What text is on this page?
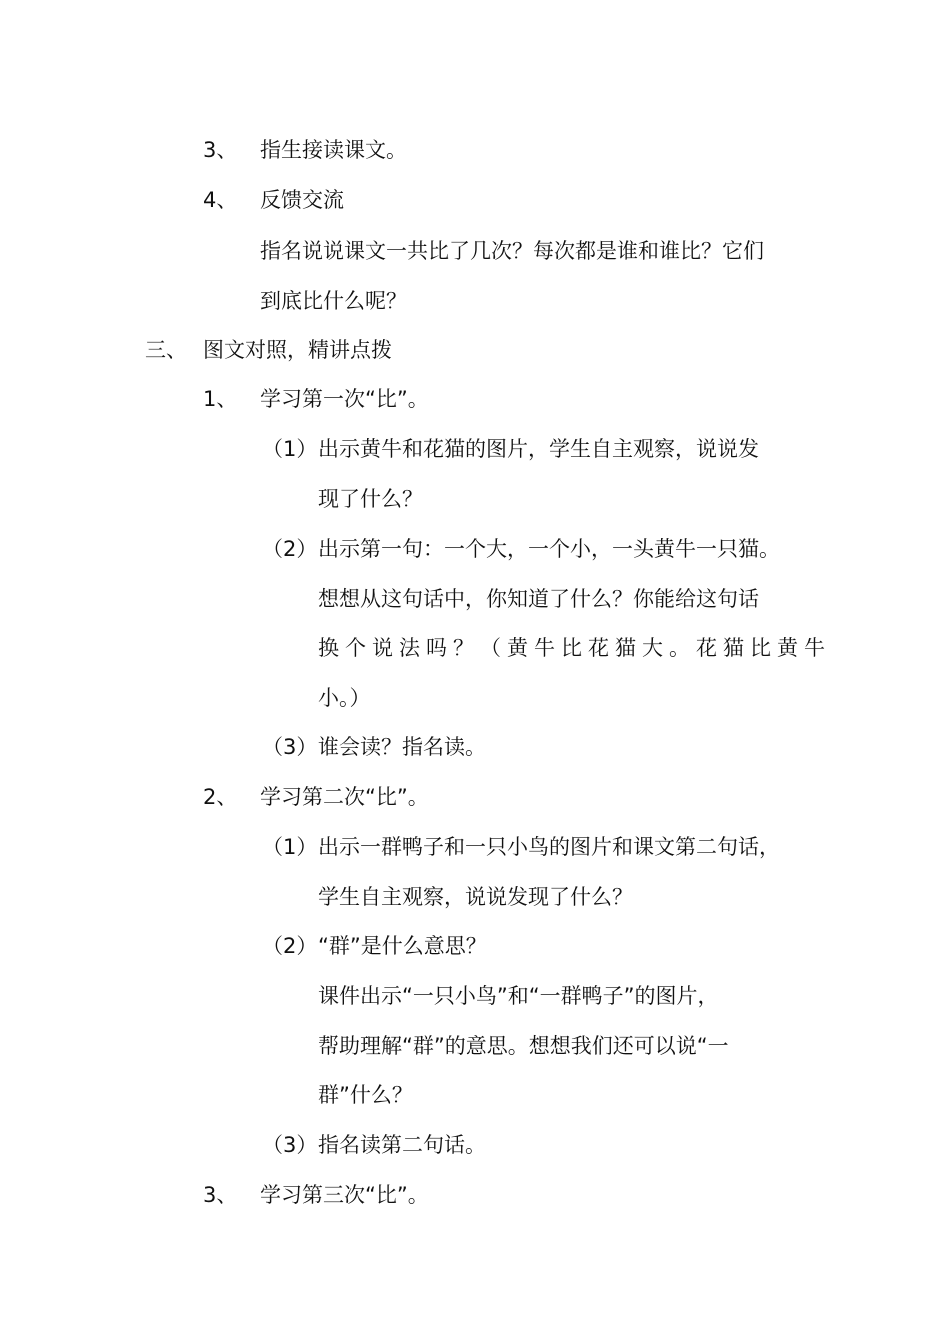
3、 指生接读课文。
4、 反馈交流
指名说说课文一共比了几次？每次都是谁和谁比？它们
到底比什么呢？
三、 图文对照，精讲点拨
1、 学习第一次“比”。
（1） 出示黄牛和花猫的图片，学生自主观察，说说发
现了什么？
（2） 出示第一句：一个大，一个小，一头黄牛一只猫。
想想从这句话中，你知道了什么？你能给这句话
换个说法吗？（黄牛比花猫大。花猫比黄牛
小。）
（3） 谁会读？指名读。
2、 学习第二次“比”。
（1） 出示一群鸭子和一只小鸟的图片和课文第二句话，
学生自主观察，说说发现了什么？
（2） “群”是什么意思？
课件出示“一只小鸟”和“一群鸭子”的图片，
帮助理解“群”的意思。想想我们还可以说“一
群”什么？
（3） 指名读第二句话。
3、 学习第三次“比”。
